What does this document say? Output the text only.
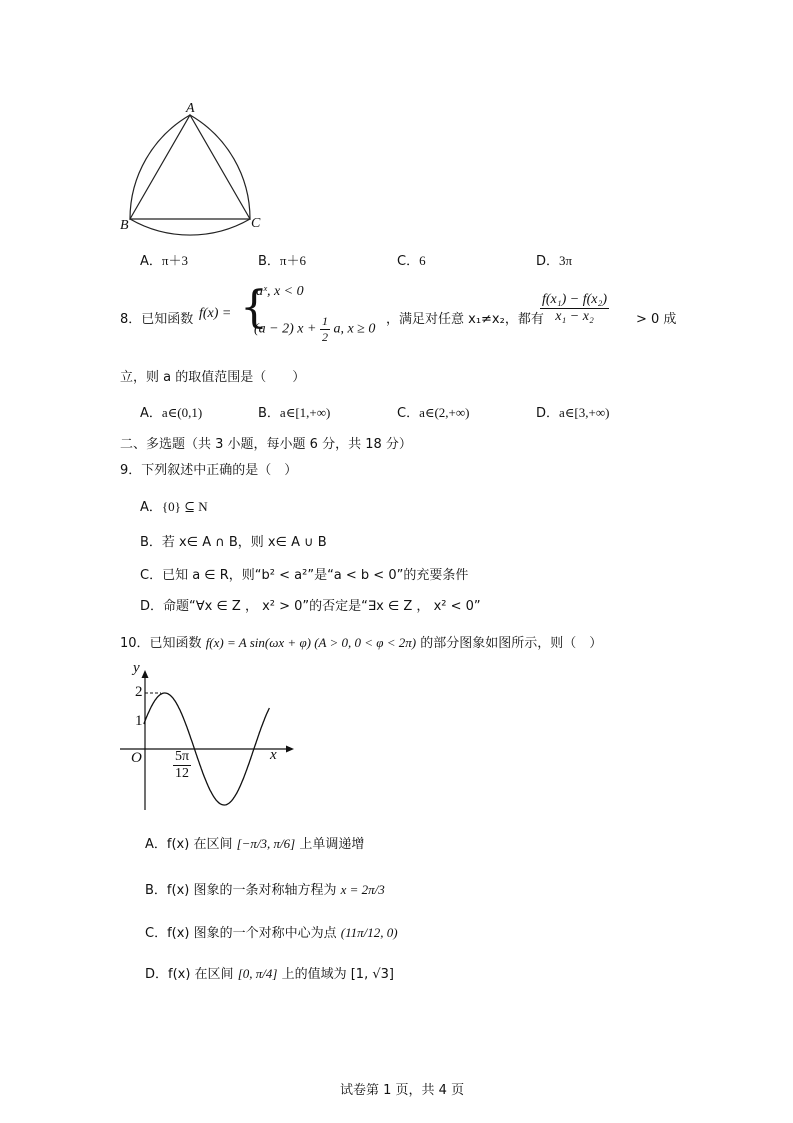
A
B	C
A．π＋3	B．π＋6	C．6	D．3π
8．已知函数 f(x) = {
aˣ, x < 0
(a − 2) $x + \frac{1}{2} a$, x ≥ 0
，满足对任意 x₁≠x₂，都有
$\frac{\text{f(x₁) − f(x₂)}}{\text{x₁ − x₂}} > 0$ 成
立，则 a 的取值范围是（　　）
A．a∈(0,1)	B．a∈[1,+∞)	C．a∈(2,+∞)	D．a∈[3,+∞)
二、多选题（共 3 小题，每小题 6 分，共 18 分）
9．下列叙述中正确的是（　）
A．{0} ⊆ N
B．若 x∈ A ∩ B，则 x∈ A ∪ B
C．已知 a ∈ R，则“b² < a²”是“a < b < 0”的充要条件
D．命题“∀x ∈ Z ， x² > 0”的否定是“∃x ∈ Z ， x² < 0”
10．已知函数 f(x) = A sin(ωx + φ) (A > 0, 0 < φ < 2π) 的部分图象如图所示，则（　）
y
x
O
2
1
$\frac{5\pi}{12}$
A．f(x) 在区间 [−π/3, π/6] 上单调递增
B．f(x) 图象的一条对称轴方程为 x = 2π/3
C．f(x) 图象的一个对称中心为点 (11π/12, 0)
D．f(x) 在区间 [0, π/4] 上的值域为 [1, √3]
试卷第 1 页，共 4 页
